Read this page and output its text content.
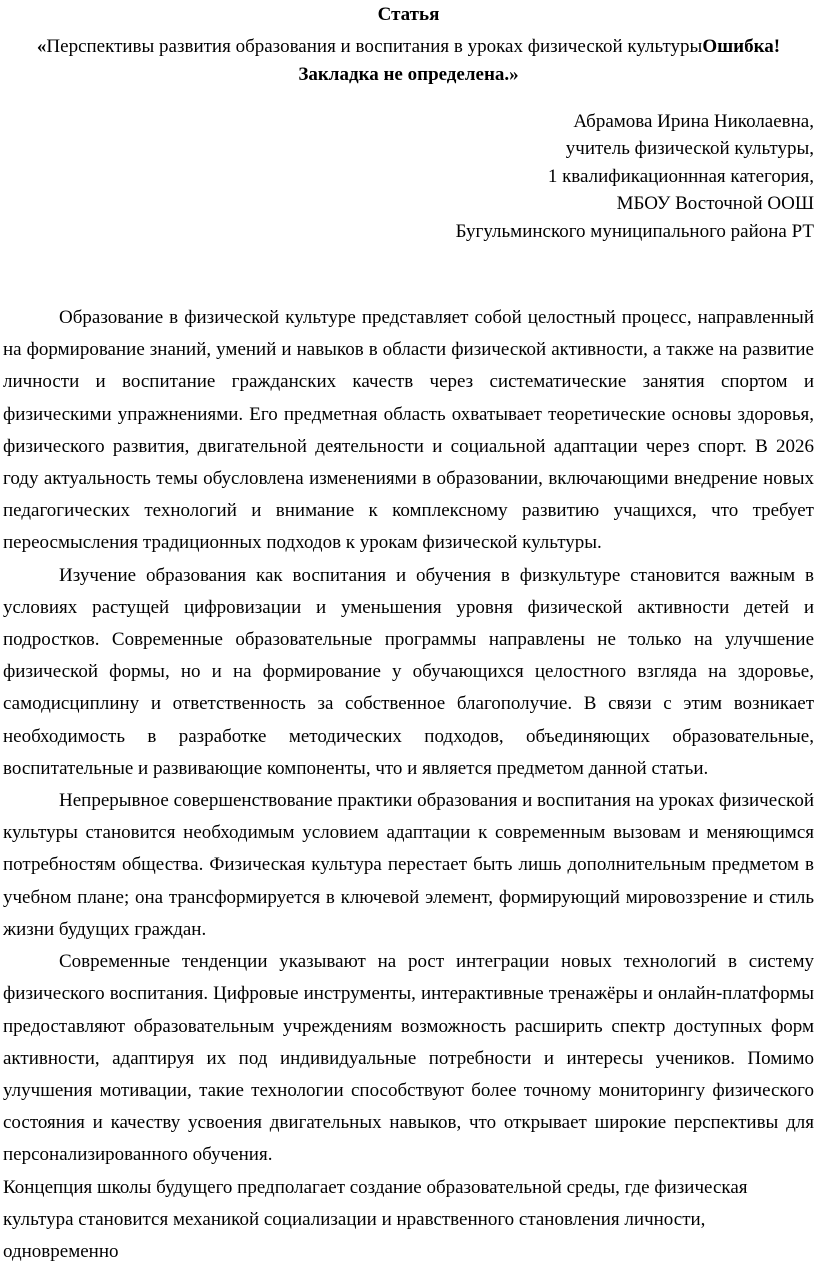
Статья
«Перспективы развития образования и воспитания в уроках физической культурыОшибка! Закладка не определена.»
Абрамова Ирина Николаевна,
учитель физической культуры,
1 квалификационнная категория,
МБОУ Восточной ООШ
Бугульминского муниципального района РТ

Образование в физической культуре представляет собой целостный процесс, направленный на формирование знаний, умений и навыков в области физической активности, а также на развитие личности и воспитание гражданских качеств через систематические занятия спортом и физическими упражнениями. Его предметная область охватывает теоретические основы здоровья, физического развития, двигательной деятельности и социальной адаптации через спорт. В 2026 году актуальность темы обусловлена изменениями в образовании, включающими внедрение новых педагогических технологий и внимание к комплексному развитию учащихся, что требует переосмысления традиционных подходов к урокам физической культуры.

Изучение образования как воспитания и обучения в физкультуре становится важным в условиях растущей цифровизации и уменьшения уровня физической активности детей и подростков. Современные образовательные программы направлены не только на улучшение физической формы, но и на формирование у обучающихся целостного взгляда на здоровье, самодисциплину и ответственность за собственное благополучие. В связи с этим возникает необходимость в разработке методических подходов, объединяющих образовательные, воспитательные и развивающие компоненты, что и является предметом данной статьи.

Непрерывное совершенствование практики образования и воспитания на уроках физической культуры становится необходимым условием адаптации к современным вызовам и меняющимся потребностям общества. Физическая культура перестает быть лишь дополнительным предметом в учебном плане; она трансформируется в ключевой элемент, формирующий мировоззрение и стиль жизни будущих граждан.

Современные тенденции указывают на рост интеграции новых технологий в систему физического воспитания. Цифровые инструменты, интерактивные тренажёры и онлайн-платформы предоставляют образовательным учреждениям возможность расширить спектр доступных форм активности, адаптируя их под индивидуальные потребности и интересы учеников. Помимо улучшения мотивации, такие технологии способствуют более точному мониторингу физического состояния и качеству усвоения двигательных навыков, что открывает широкие перспективы для персонализированного обучения.

Концепция школы будущего предполагает создание образовательной среды, где физическая
культура становится механикой социализации и нравственного становления личности, одновременно
